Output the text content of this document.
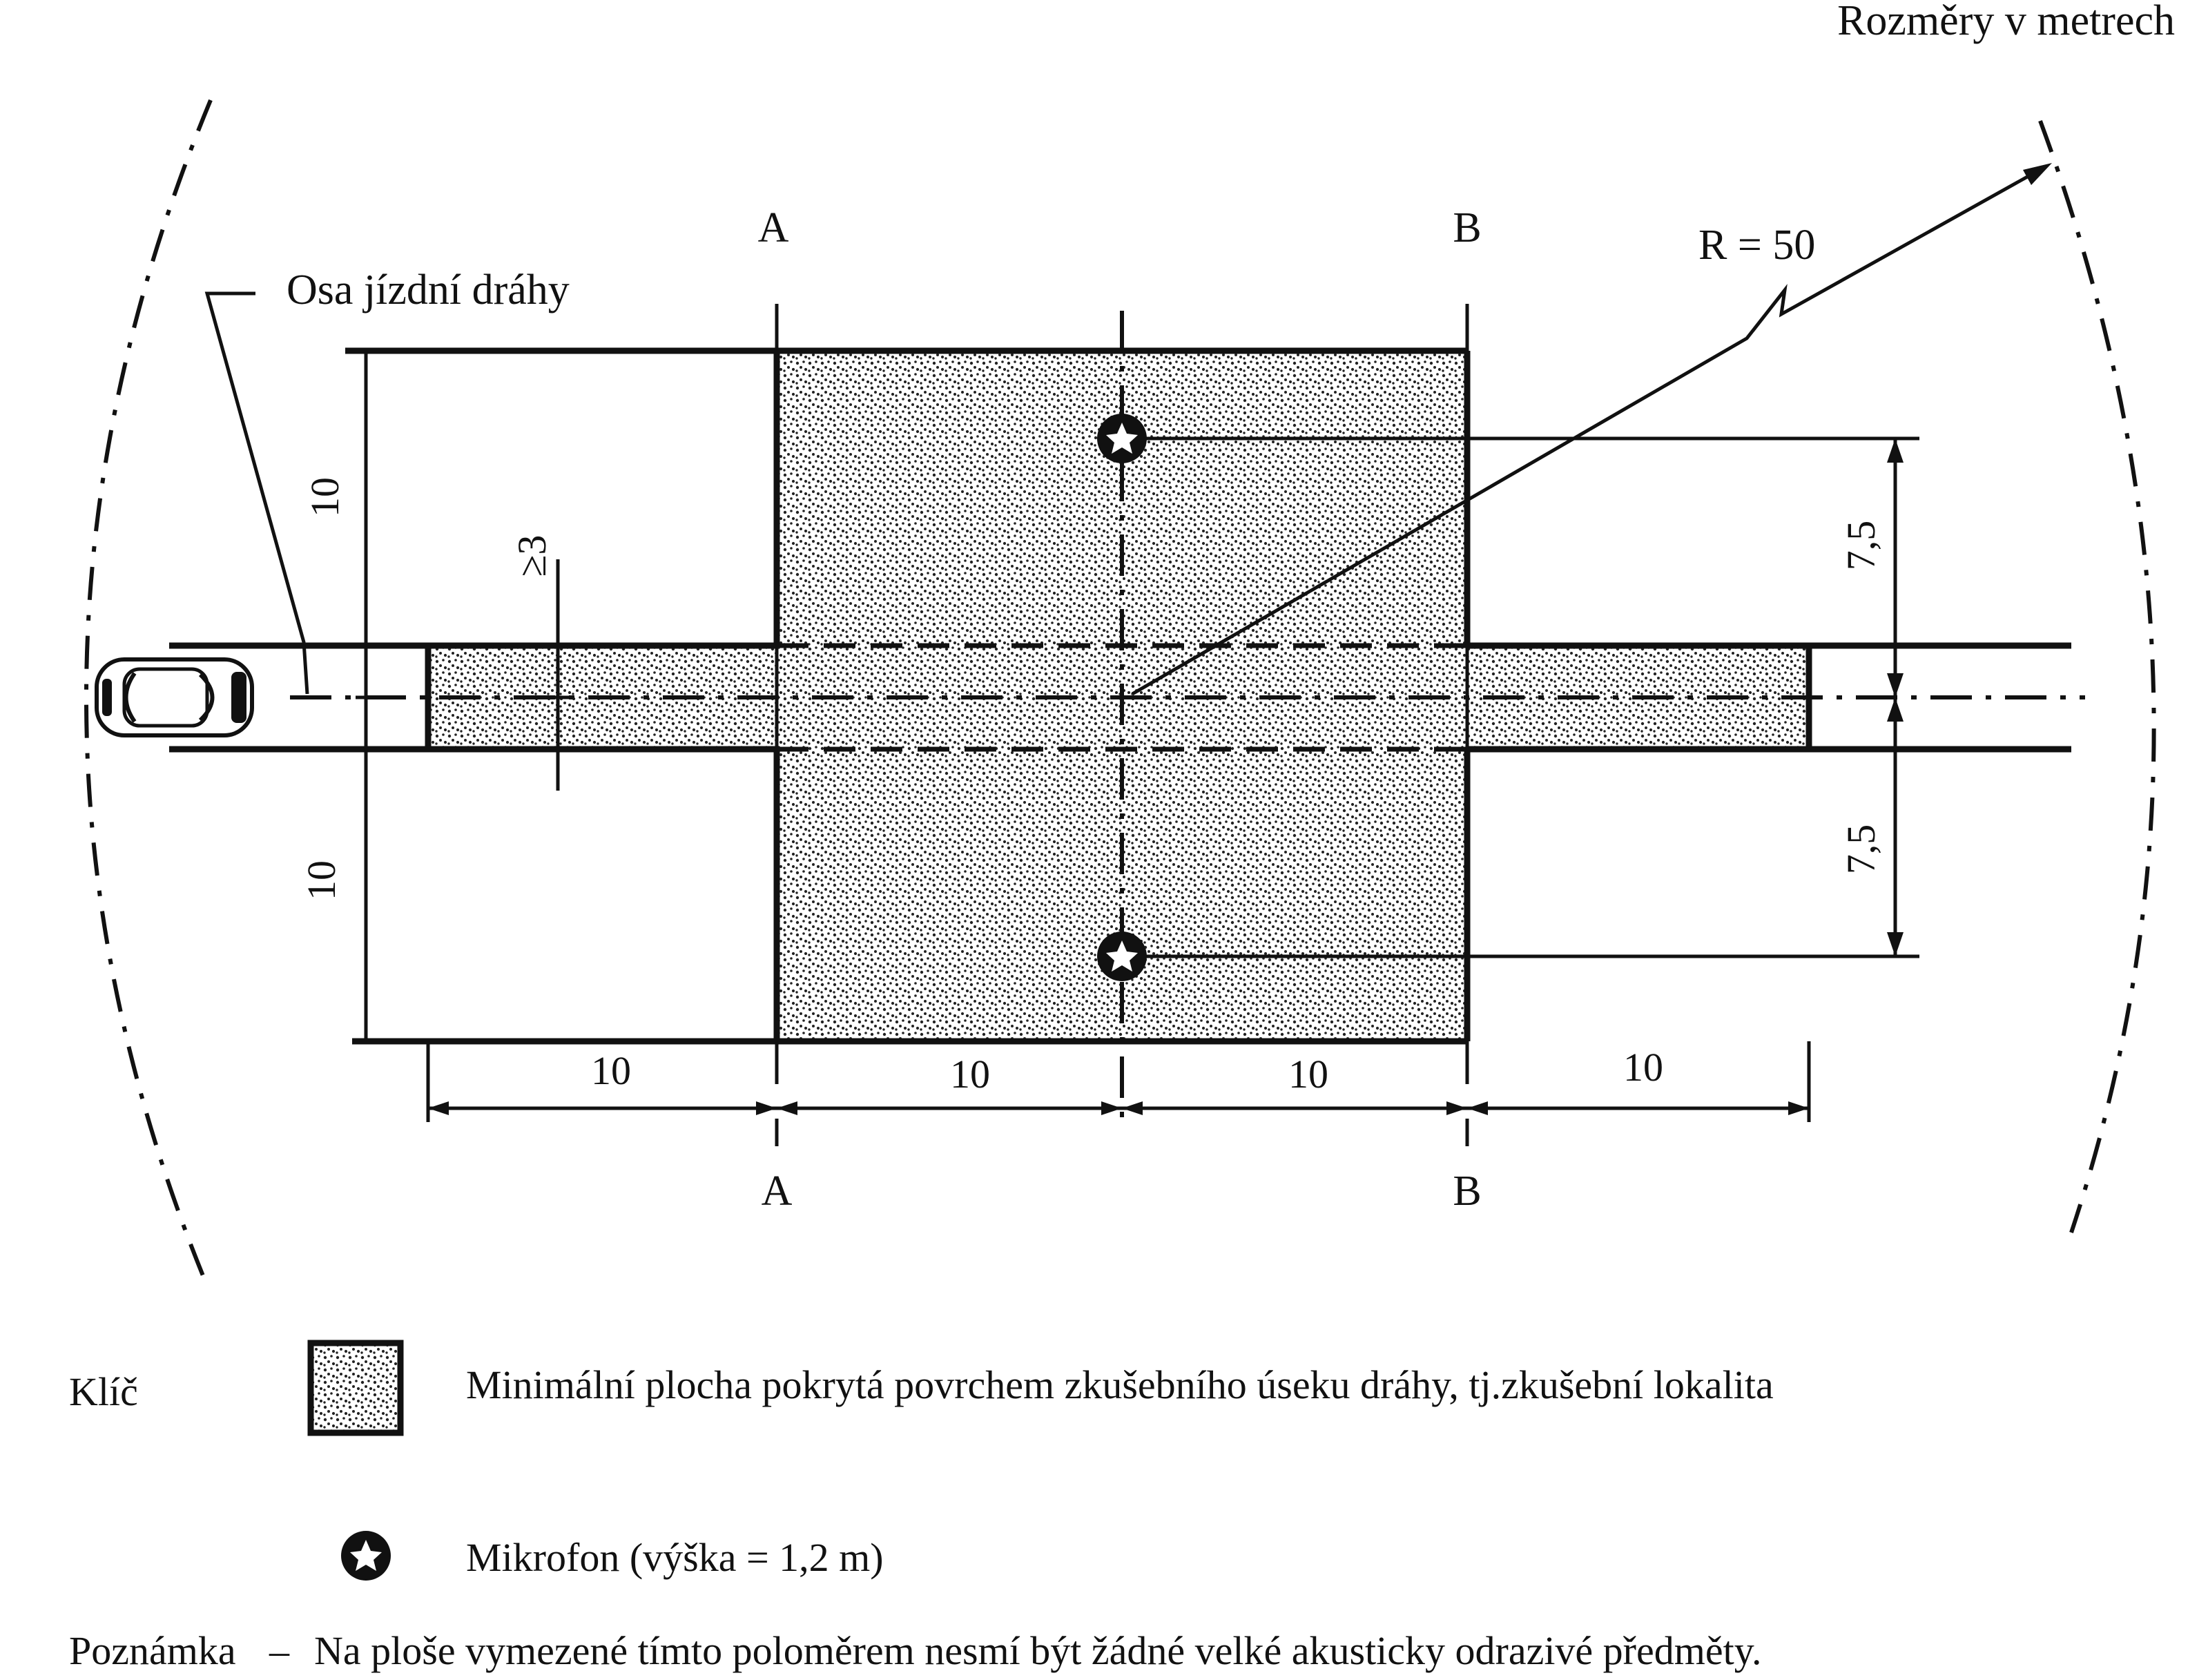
Rozměry v metrech
Osa jízdní dráhy
A	B
A	B
R = 50
10
10
≥3	7,5
7,5
10	10	10	10
Klíč	Minimální plocha pokrytá povrchem zkušebního úseku dráhy, tj.zkušební lokalita
Mikrofon (výška = 1,2 m)
Poznámka – Na ploše vymezené tímto poloměrem nesmí být žádné velké akusticky odrazivé předměty.
